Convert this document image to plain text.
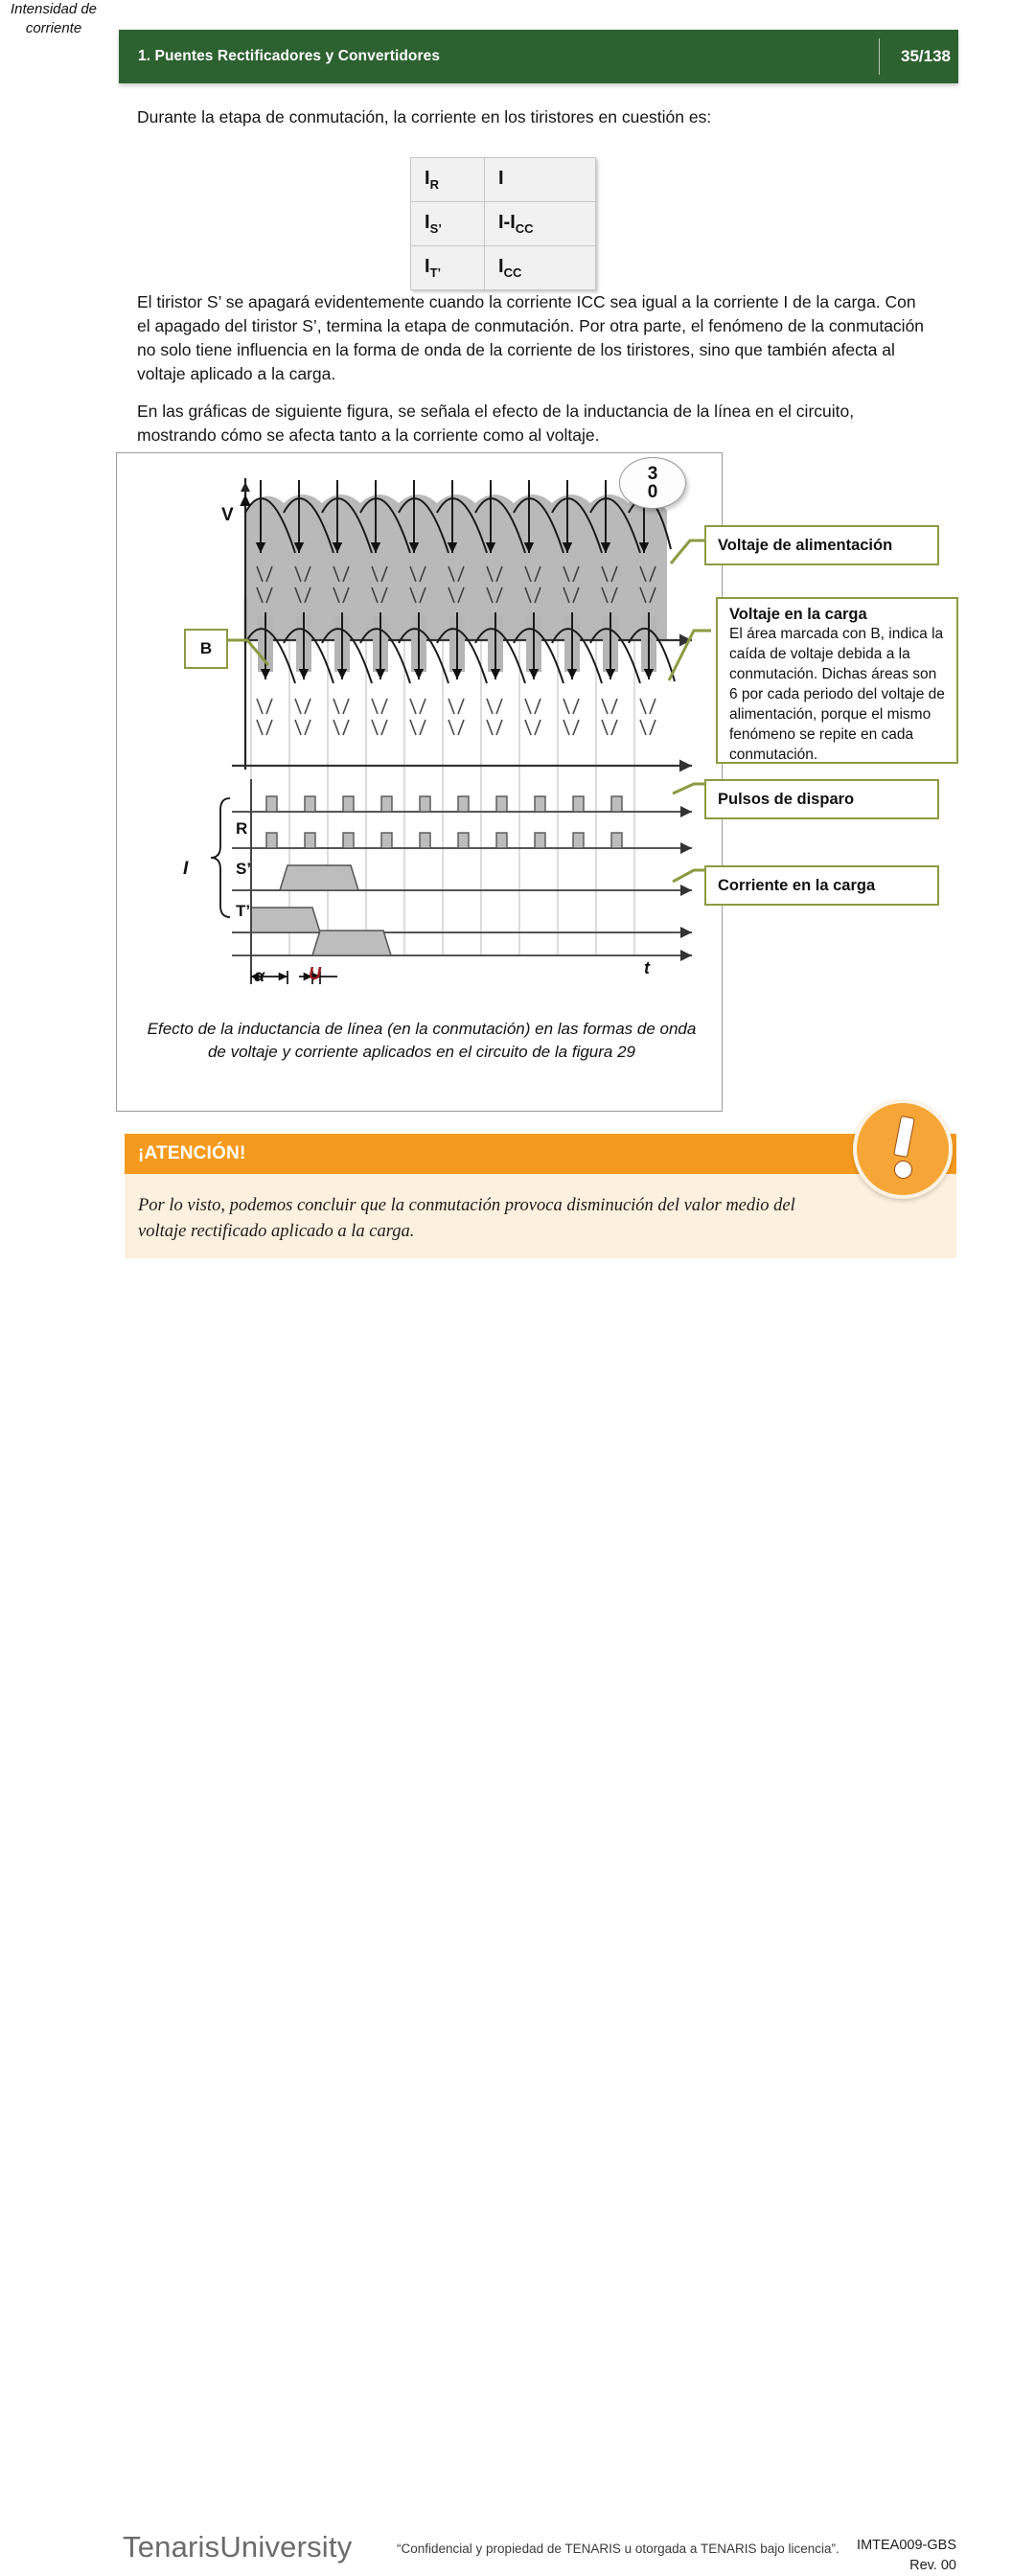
1. Puentes Rectificadores y Convertidores	35/138
Durante la etapa de conmutación, la corriente en los tiristores en cuestión es:
$I_R$	I
$I_{S’}$	$I-I_{CC}$
$I_{T’}$	$I_{CC}$
El tiristor S’ se apagará evidentemente cuando la corriente ICC sea igual a la corriente I de la carga. Con el apagado del tiristor S’, termina la etapa de conmutación. Por otra parte, el fenómeno de la conmutación no solo tiene influencia en la forma de onda de la corriente de los tiristores, sino que también afecta al voltaje aplicado a la carga.
En las gráficas de siguiente figura, se señala el efecto de la inductancia de la línea en el circuito, mostrando cómo se afecta tanto a la corriente como al voltaje.
3
0
B
V
t
I
R
S’
T’
α	U
Intensidad de corriente
Voltaje de alimentación
Voltaje en la carga
El área marcada con B, indica la caída de voltaje debida a la conmutación. Dichas áreas son 6 por cada periodo del voltaje de alimentación, porque el mismo fenómeno se repite en cada conmutación.
Pulsos de disparo
Corriente en la carga
Efecto de la inductancia de línea (en la conmutación) en las formas de onda de voltaje y corriente aplicados en el circuito de la figura 29
¡ATENCIÓN!
Por lo visto, podemos concluir que la conmutación provoca disminución del valor medio del voltaje rectificado aplicado a la carga.
TenarisUniversity	“Confidencial y propiedad de TENARIS u otorgada a TENARIS bajo licencia”.	IMTEA009-GBS
Rev. 00
